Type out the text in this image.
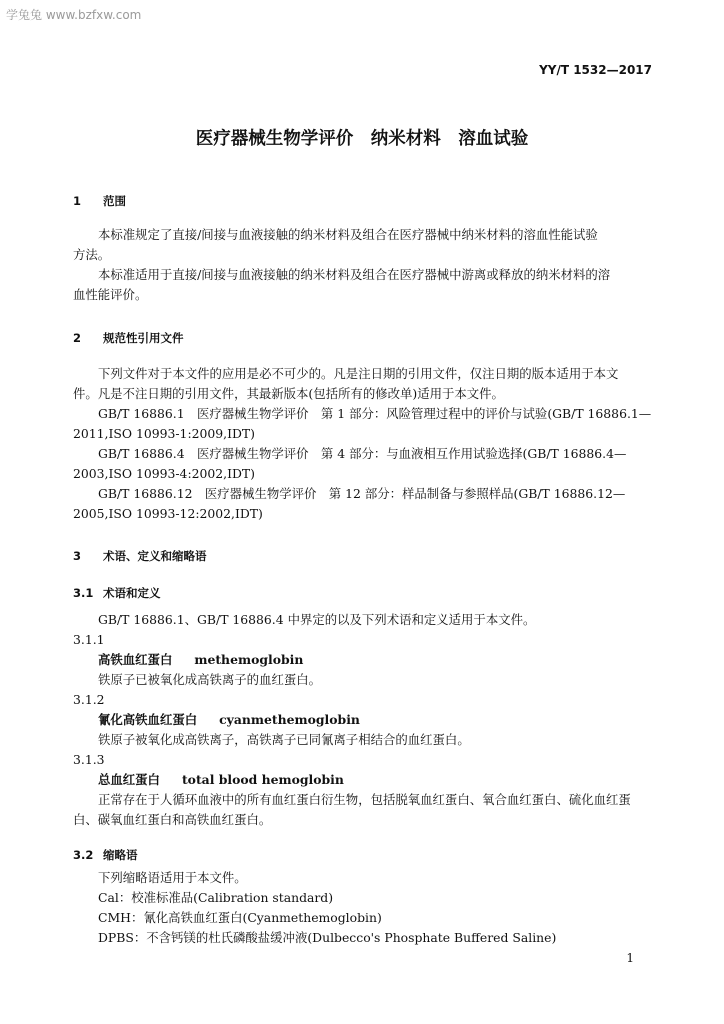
学兔兔 www.bzfxw.com
YY/T 1532—2017
医疗器械生物学评价　纳米材料　溶血试验
1 范围
本标准规定了直接/间接与血液接触的纳米材料及组合在医疗器械中纳米材料的溶血性能试验
方法。
本标准适用于直接/间接与血液接触的纳米材料及组合在医疗器械中游离或释放的纳米材料的溶
血性能评价。
2 规范性引用文件
下列文件对于本文件的应用是必不可少的。凡是注日期的引用文件，仅注日期的版本适用于本文
件。凡是不注日期的引用文件，其最新版本(包括所有的修改单)适用于本文件。
GB/T 16886.1　医疗器械生物学评价　第 1 部分：风险管理过程中的评价与试验(GB/T 16886.1—
2011,ISO 10993-1:2009,IDT)
GB/T 16886.4　医疗器械生物学评价　第 4 部分：与血液相互作用试验选择(GB/T 16886.4—
2003,ISO 10993-4:2002,IDT)
GB/T 16886.12　医疗器械生物学评价　第 12 部分：样品制备与参照样品(GB/T 16886.12—
2005,ISO 10993-12:2002,IDT)
3 术语、定义和缩略语
3.1 术语和定义
GB/T 16886.1、GB/T 16886.4 中界定的以及下列术语和定义适用于本文件。
3.1.1
高铁血红蛋白 methemoglobin
铁原子已被氧化成高铁离子的血红蛋白。
3.1.2
氰化高铁血红蛋白 cyanmethemoglobin
铁原子被氧化成高铁离子，高铁离子已同氰离子相结合的血红蛋白。
3.1.3
总血红蛋白 total blood hemoglobin
正常存在于人循环血液中的所有血红蛋白衍生物，包括脱氧血红蛋白、氧合血红蛋白、硫化血红蛋
白、碳氧血红蛋白和高铁血红蛋白。
3.2 缩略语
下列缩略语适用于本文件。
Cal：校准标准品(Calibration standard)
CMH：氰化高铁血红蛋白(Cyanmethemoglobin)
DPBS：不含钙镁的杜氏磷酸盐缓冲液(Dulbecco's Phosphate Buffered Saline)
1
